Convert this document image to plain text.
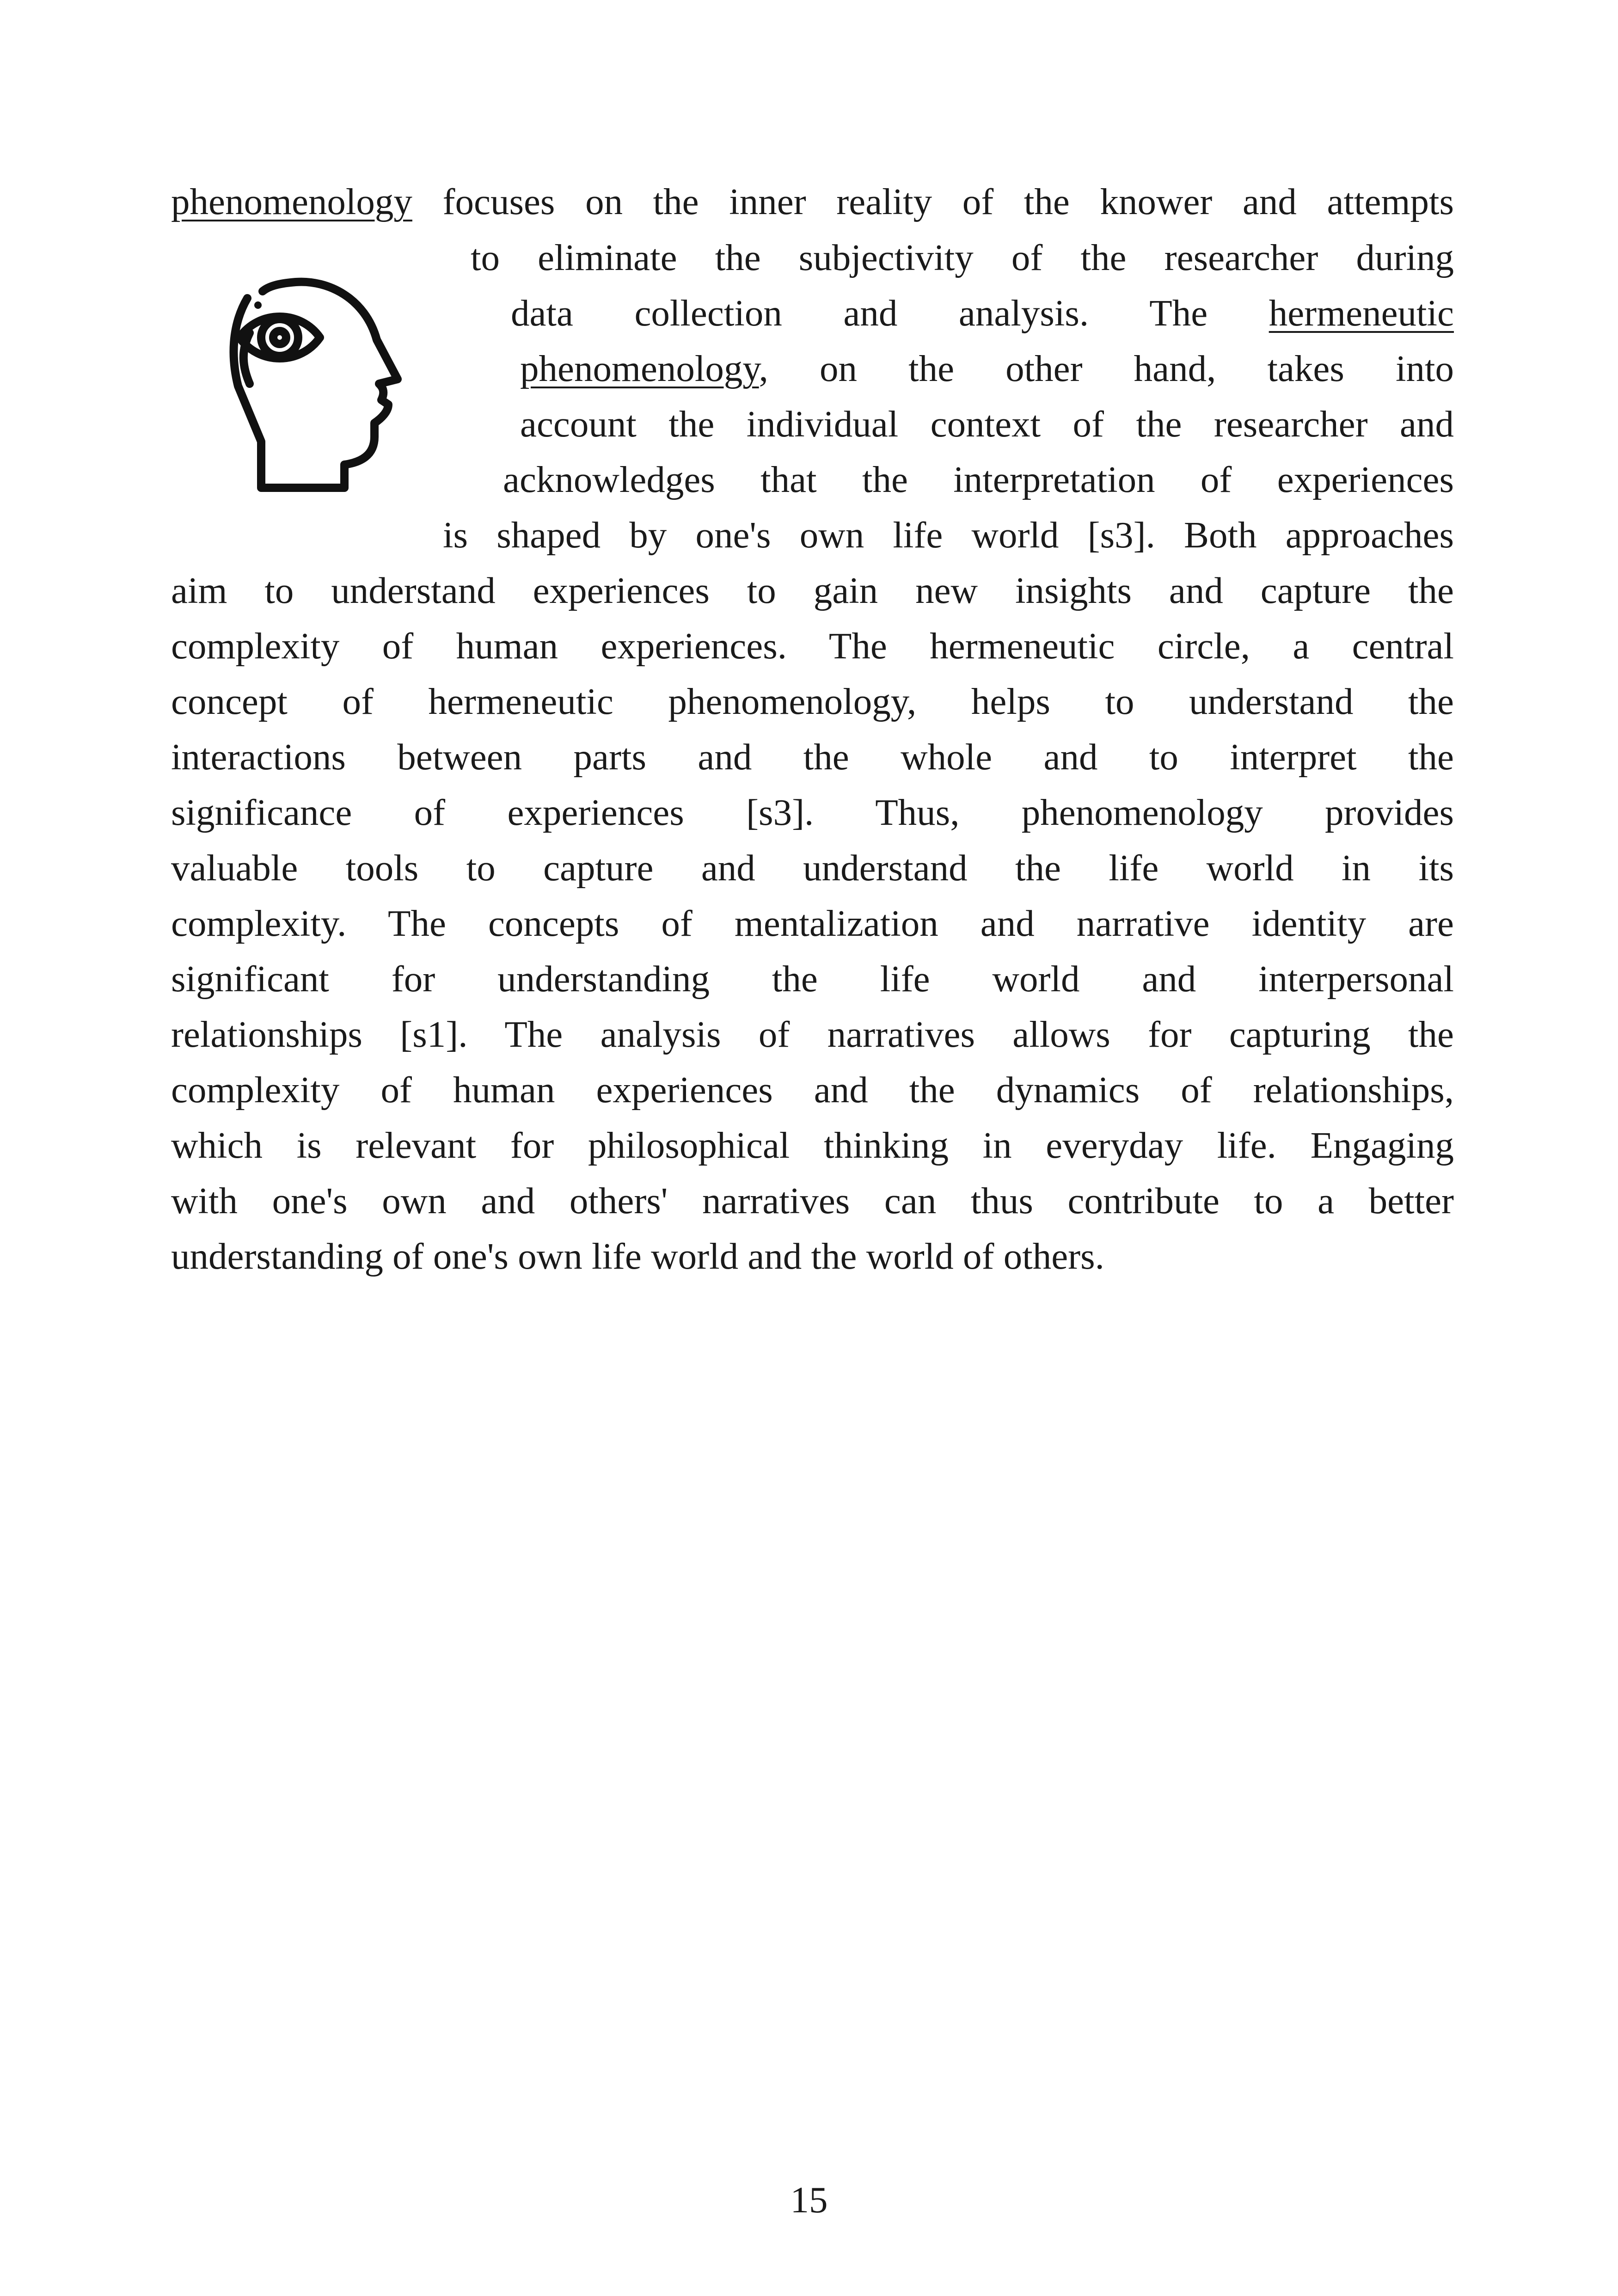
phenomenology focuses on the inner reality of the knower and attempts
to eliminate the subjectivity of the researcher during
data collection and analysis. The hermeneutic
phenomenology, on the other hand, takes into
account the individual context of the researcher and
acknowledges that the interpretation of experiences
is shaped by one's own life world [s3]. Both approaches
aim to understand experiences to gain new insights and capture the
complexity of human experiences. The hermeneutic circle, a central
concept of hermeneutic phenomenology, helps to understand the
interactions between parts and the whole and to interpret the
significance of experiences [s3]. Thus, phenomenology provides
valuable tools to capture and understand the life world in its
complexity. The concepts of mentalization and narrative identity are
significant for understanding the life world and interpersonal
relationships [s1]. The analysis of narratives allows for capturing the
complexity of human experiences and the dynamics of relationships,
which is relevant for philosophical thinking in everyday life. Engaging
with one's own and others' narratives can thus contribute to a better
understanding of one's own life world and the world of others.
15
